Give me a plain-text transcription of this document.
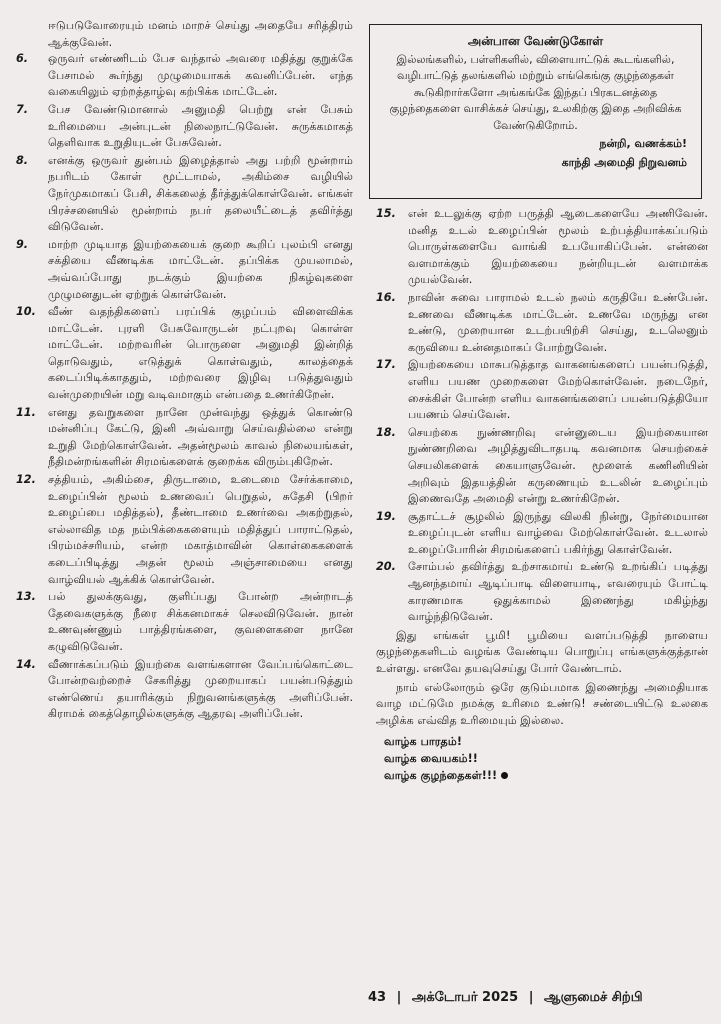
ஈடுபடுவோரையும் மனம் மாறச் செய்து அதையே சரித்திரம் ஆக்குவேன்.
6. ஒருவர் எண்ணிடம் பேச வந்தால் அவரை மதித்து குறுக்கே பேசாமல் கூர்ந்து முழுமையாகக் கவனிப்பேன். எந்த வகையிலும் ஏற்றத்தாழ்வு கற்பிக்க மாட்டேன்.
7. பேச வேண்டுமானால் அனுமதி பெற்று என் பேசும் உரிமையை அன்புடன் நிலைநாட்டுவேன். சுருக்கமாகத் தெளிவாக உறுதியுடன் பேசுவேன்.
8. எனக்கு ஒருவர் துன்பம் இழைத்தால் அது பற்றி மூன்றாம் நபரிடம் கோள் மூட்டாமல், அகிம்சை வழியில் நேர்முகமாகப் பேசி, சிக்கலைத் தீர்த்துக்கொள்வேன். எங்கள் பிரச்சனையில் மூன்றாம் நபர் தலையீட்டைத் தவிர்த்து விடுவேன்.
9. மாற்ற முடியாத இயற்கையைக் குறை கூறிப் புலம்பி எனது சக்தியை வீணடிக்க மாட்டேன். தப்பிக்க முயலாமல், அவ்வப்போது நடக்கும் இயற்கை நிகழ்வுகளை முழுமனதுடன் ஏற்றுக் கொள்வேன்.
10. வீண் வதந்திகளைப் பரப்பிக் குழப்பம் விளைவிக்க மாட்டேன். புரளி பேசுவோருடன் நட்புறவு கொள்ள மாட்டேன். மற்றவரின் பொருளை அனுமதி இன்றித் தொடுவதும், எடுத்துக் கொள்வதும், காலத்தைக் கடைப்பிடிக்காததும், மற்றவரை இழிவு படுத்துவதும் வன்முறையின் மறு வடிவமாகும் என்பதை உணர்கிறேன்.
11. எனது தவறுகளை நானே முன்வந்து ஒத்துக் கொண்டு மன்னிப்பு கேட்டு, இனி அவ்வாறு செய்வதில்லை என்று உறுதி மேற்கொள்வேன். அதன்மூலம் காவல் நிலையங்கள், நீதிமன்றங்களின் சிரமங்களைக் குறைக்க விரும்புகிறேன்.
12. சத்தியம், அகிம்சை, திருடாமை, உடைமை சேர்க்காமை, உழைப்பின் மூலம் உணவைப் பெறுதல், சுதேசி (பிறர் உழைப்பை மதித்தல்), தீண்டாமை உணர்வை அகற்றுதல், எல்லாவித மத நம்பிக்கைகளையும் மதித்துப் பாராட்டுதல், பிரம்மச்சரியம், என்ற மகாத்மாவின் கொள்கைகளைக் கடைப்பிடித்து அதன் மூலம் அஞ்சாமையை எனது வாழ்வியல் ஆக்கிக் கொள்வேன்.
13. பல் துலக்குவது, குளிப்பது போன்ற அன்றாடத் தேவைகளுக்கு நீரை சிக்கனமாகச் செலவிடுவேன். நான் உணவுண்ணும் பாத்திரங்களை, குவளைகளை நானே கழுவிடுவேன்.
14. வீணாக்கப்படும் இயற்கை வளங்களான வேப்பங்கொட்டை போன்றவற்றைச் சேகரித்து முறையாகப் பயன்படுத்தும் எண்ணெய் தயாரிக்கும் நிறுவனங்களுக்கு அளிப்பேன். கிராமக் கைத்தொழில்களுக்கு ஆதரவு அளிப்பேன்.
அன்பான வேண்டுகோள்
இல்லங்களில், பள்ளிகளில், விளையாட்டுக் கூடங்களில், வழிபாட்டுத் தலங்களில் மற்றும் எங்கெங்கு குழந்தைகள் கூடுகிறார்களோ அங்கங்கே இந்தப் பிரகடனத்தை குழந்தைகளை வாசிக்கச் செய்து, உலகிற்கு இதை அறிவிக்க வேண்டுகிறோம்.
நன்றி, வணக்கம்!
காந்தி அமைதி நிறுவனம்
15. என் உடலுக்கு ஏற்ற பருத்தி ஆடைகளையே அணிவேன். மனித உடல் உழைப்பின் மூலம் உற்பத்தியாக்கப்படும் பொருள்களையே வாங்கி உபயோகிப்பேன். என்னை வளமாக்கும் இயற்கையை நன்றியுடன் வளமாக்க முயல்வேன்.
16. நாவின் சுவை பாராமல் உடல் நலம் கருதியே உண்பேன். உணவை வீணடிக்க மாட்டேன். உணவே மருந்து என உண்டு, முறையான உடற்பயிற்சி செய்து, உடலெனும் கருவியை உன்னதமாகப் போற்றுவேன்.
17. இயற்கையை மாசுபடுத்தாத வாகனங்களைப் பயன்படுத்தி, எளிய பயண முறைகளை மேற்கொள்வேன். நடைநேர், சைக்கிள் போன்ற எளிய வாகனங்களைப் பயன்படுத்தியோ பயணம் செய்வேன்.
18. செயற்கை நுண்ணறிவு என்னுடைய இயற்கையான நுண்ணறிவை அழித்துவிடாதபடி கவனமாக செயற்கைச் செயலிகளைக் கையாளுவேன். மூளைக் கணினியின் அறிவும் இதயத்தின் கருணையும் உடலின் உழைப்பும் இணைவதே அமைதி என்று உணர்கிறேன்.
19. சூதாட்டச் சூழலில் இருந்து விலகி நின்று, நேர்மையான உழைப்புடன் எளிய வாழ்வை மேற்கொள்வேன். உடலால் உழைப்போரின் சிரமங்களைப் பகிர்ந்து கொள்வேன்.
20. சோம்பல் தவிர்த்து உற்சாகமாய் உண்டு உறங்கிப் படித்து ஆனந்தமாய் ஆடிப்பாடி விளையாடி, எவரையும் போட்டி காரணமாக ஒதுக்காமல் இணைந்து மகிழ்ந்து வாழ்ந்திடுவேன்.
இது எங்கள் பூமி! பூமியை வளப்படுத்தி நாளைய குழந்தைகளிடம் வழங்க வேண்டிய பொறுப்பு எங்களுக்குத்தான் உள்ளது. எனவே தயவுசெய்து போர் வேண்டாம்.
நாம் எல்லோரும் ஒரே குடும்பமாக இணைந்து அமைதியாக வாழ மட்டுமே நமக்கு உரிமை உண்டு! சண்டையிட்டு உலகை அழிக்க எவ்வித உரிமையும் இல்லை.
வாழ்க பாரதம்!
வாழ்க வையகம்!!
வாழ்க குழந்தைகள்!!!
43 | அக்டோபர் 2025 | ஆளுமைச் சிற்பி
